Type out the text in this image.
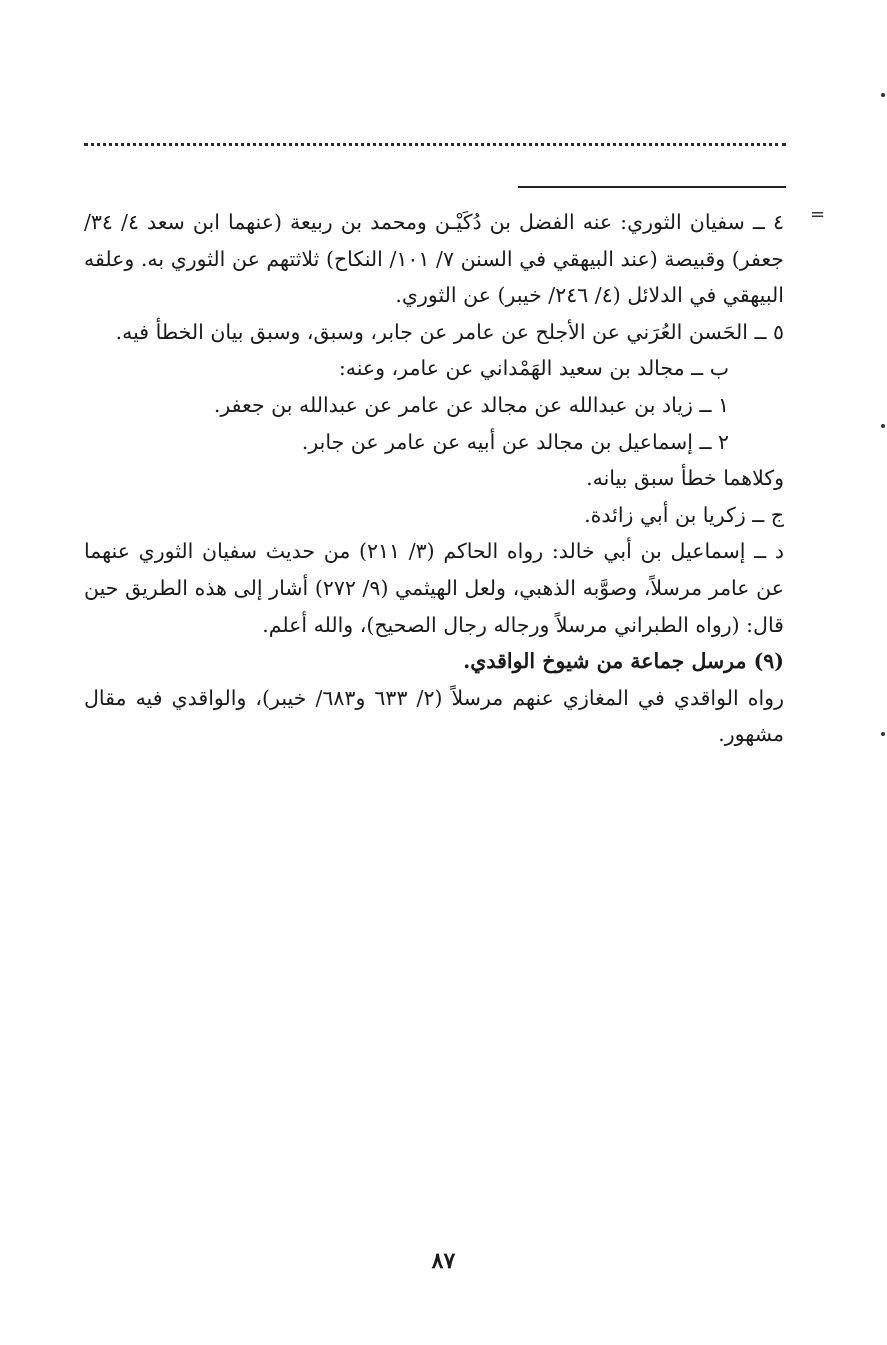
=

٤ ــ سفيان الثوري: عنه الفضل بن دُكَيْـن ومحمد بن ربيعة (عنهما ابن سعد ٤/ ٣٤/ جعفر) وقبيصة (عند البيهقي في السنن ٧/ ١٠١/ النكاح) ثلاثتهم عن الثوري به. وعلقه البيهقي في الدلائل (٤/ ٢٤٦/ خيبر) عن الثوري.

٥ ــ الحَسن العُرَني عن الأجلح عن عامر عن جابر، وسبق، وسبق بيان الخطأ فيه.

ب ــ مجالد بن سعيد الهَمْداني عن عامر، وعنه:

١ ــ زياد بن عبدالله عن مجالد عن عامر عن عبدالله بن جعفر.

٢ ــ إسماعيل بن مجالد عن أبيه عن عامر عن جابر.

وكلاهما خطأ سبق بيانه.

ج ــ زكريا بن أبي زائدة.

د ــ إسماعيل بن أبي خالد: رواه الحاكم (٣/ ٢١١) من حديث سفيان الثوري عنهما عن عامر مرسلاً، وصوَّبه الذهبي، ولعل الهيثمي (٩/ ٢٧٢) أشار إلى هذه الطريق حين قال: (رواه الطبراني مرسلاً ورجاله رجال الصحيح)، والله أعلم.

(٩) مرسل جماعة من شيوخ الواقدي.

رواه الواقدي في المغازي عنهم مرسلاً (٢/ ٦٣٣ و٦٨٣/ خيبر)، والواقدي فيه مقال مشهور.

٨٧
